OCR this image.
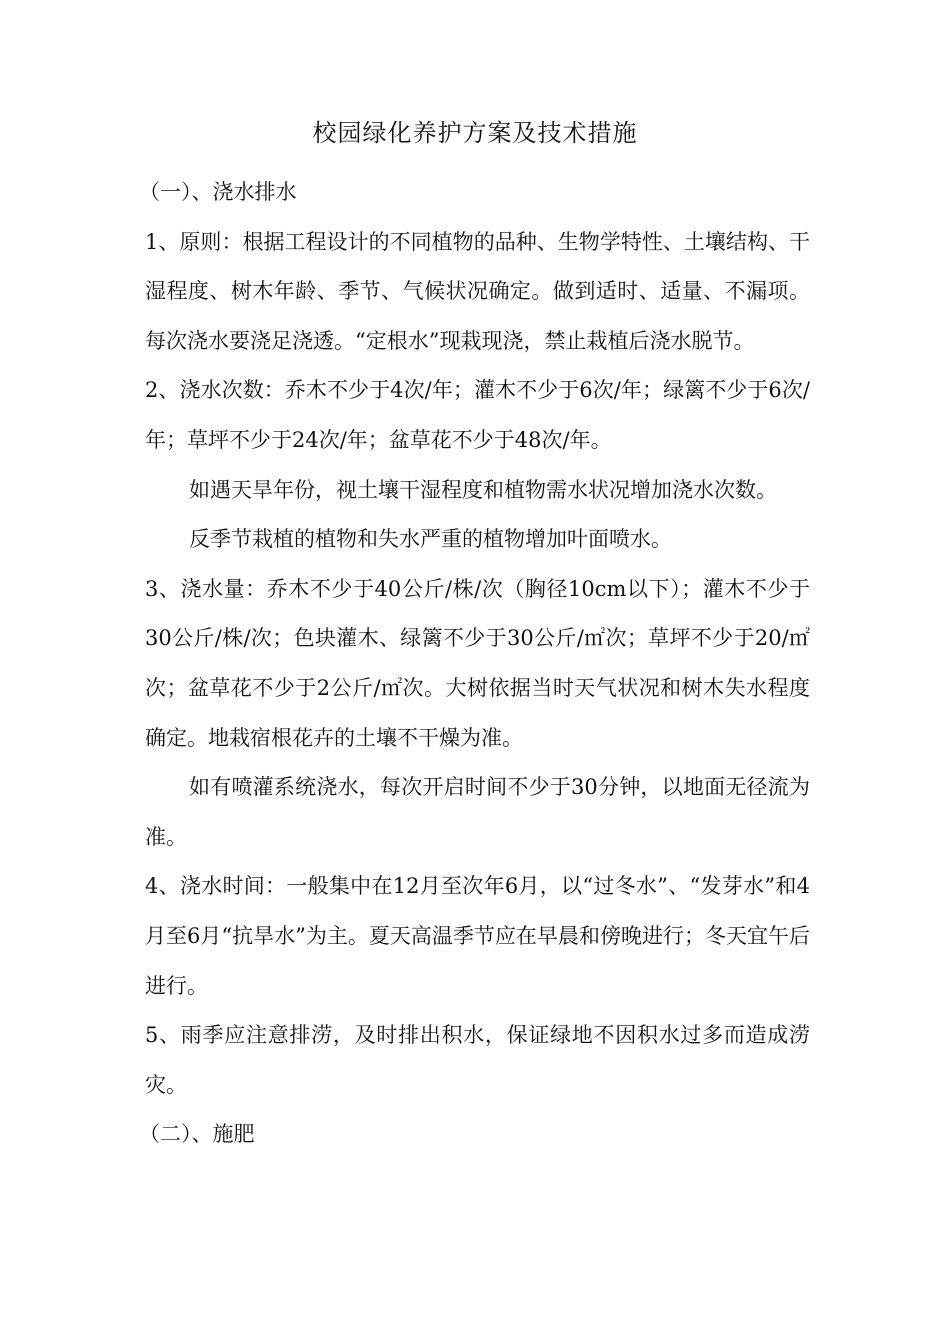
校园绿化养护方案及技术措施

（一）、浇水排水

1、原则：根据工程设计的不同植物的品种、生物学特性、土壤结构、干湿程度、树木年龄、季节、气候状况确定。做到适时、适量、不漏项。每次浇水要浇足浇透。“定根水”现栽现浇，禁止栽植后浇水脱节。

2、浇水次数：乔木不少于4次/年；灌木不少于6次/年；绿篱不少于6次/年；草坪不少于24次/年；盆草花不少于48次/年。

如遇天旱年份，视土壤干湿程度和植物需水状况增加浇水次数。

反季节栽植的植物和失水严重的植物增加叶面喷水。

3、浇水量：乔木不少于40公斤/株/次（胸径10cm以下）；灌木不少于30公斤/株/次；色块灌木、绿篱不少于30公斤/㎡次；草坪不少于20/㎡次；盆草花不少于2公斤/㎡次。大树依据当时天气状况和树木失水程度确定。地栽宿根花卉的土壤不干燥为准。

如有喷灌系统浇水，每次开启时间不少于30分钟，以地面无径流为准。

4、浇水时间：一般集中在12月至次年6月，以“过冬水”、“发芽水”和4月至6月“抗旱水”为主。夏天高温季节应在早晨和傍晚进行；冬天宜午后进行。

5、雨季应注意排涝，及时排出积水，保证绿地不因积水过多而造成涝灾。

（二）、施肥
